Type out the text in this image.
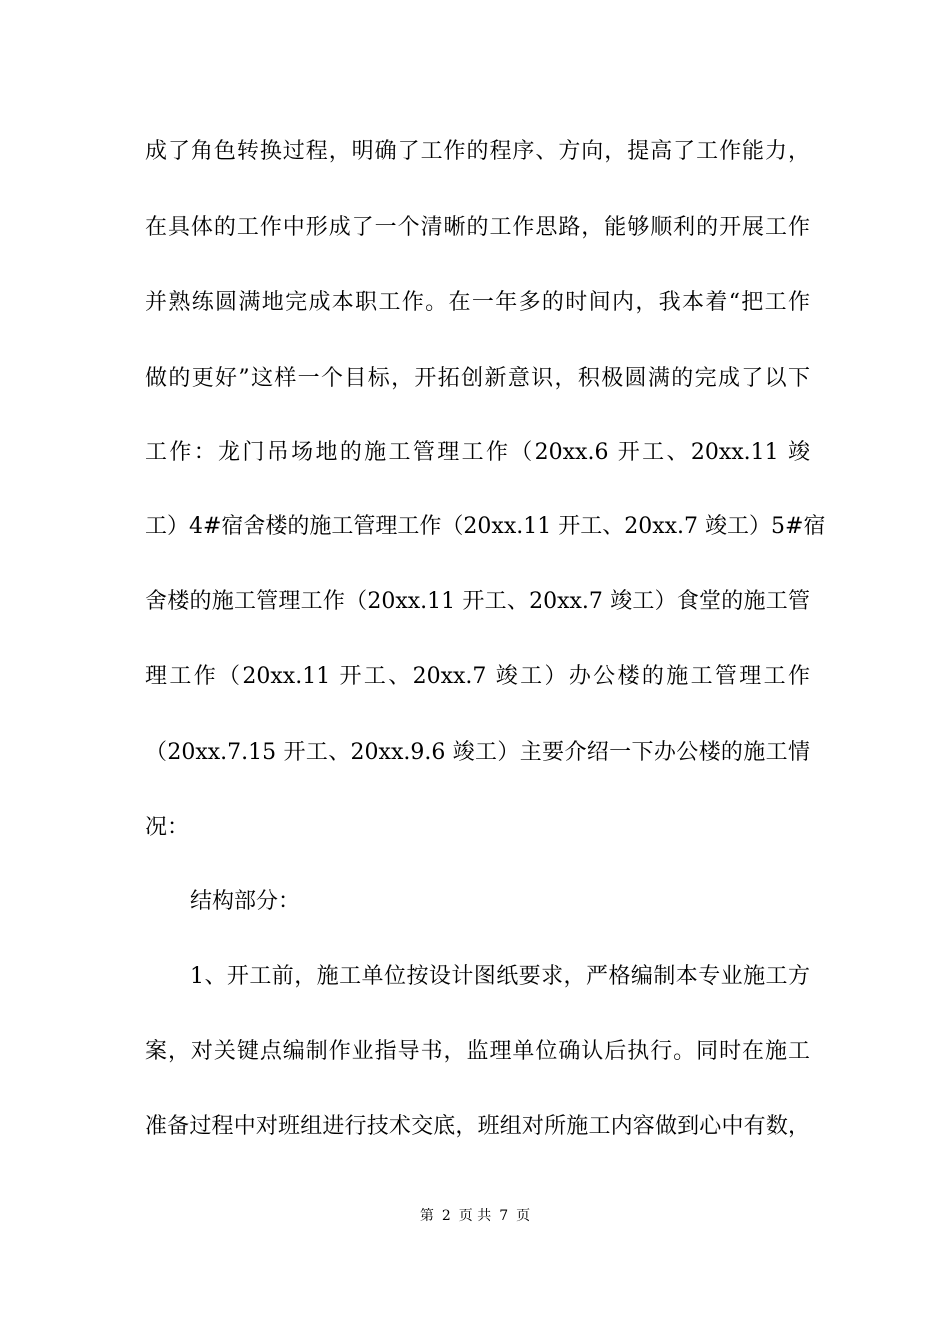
成了角色转换过程，明确了工作的程序、方向，提高了工作能力，
在具体的工作中形成了一个清晰的工作思路，能够顺利的开展工作
并熟练圆满地完成本职工作。在一年多的时间内，我本着“把工作
做的更好”这样一个目标，开拓创新意识，积极圆满的完成了以下
工作：龙门吊场地的施工管理工作（20xx.6 开工、20xx.11 竣
工）4#宿舍楼的施工管理工作（20xx.11 开工、20xx.7 竣工）5#宿
舍楼的施工管理工作（20xx.11 开工、20xx.7 竣工）食堂的施工管
理工作（20xx.11 开工、20xx.7 竣工）办公楼的施工管理工作
（20xx.7.15 开工、20xx.9.6 竣工）主要介绍一下办公楼的施工情
况：
结构部分：
1、开工前，施工单位按设计图纸要求，严格编制本专业施工方
案，对关键点编制作业指导书，监理单位确认后执行。同时在施工
准备过程中对班组进行技术交底，班组对所施工内容做到心中有数，
第 2 页 共 7 页
